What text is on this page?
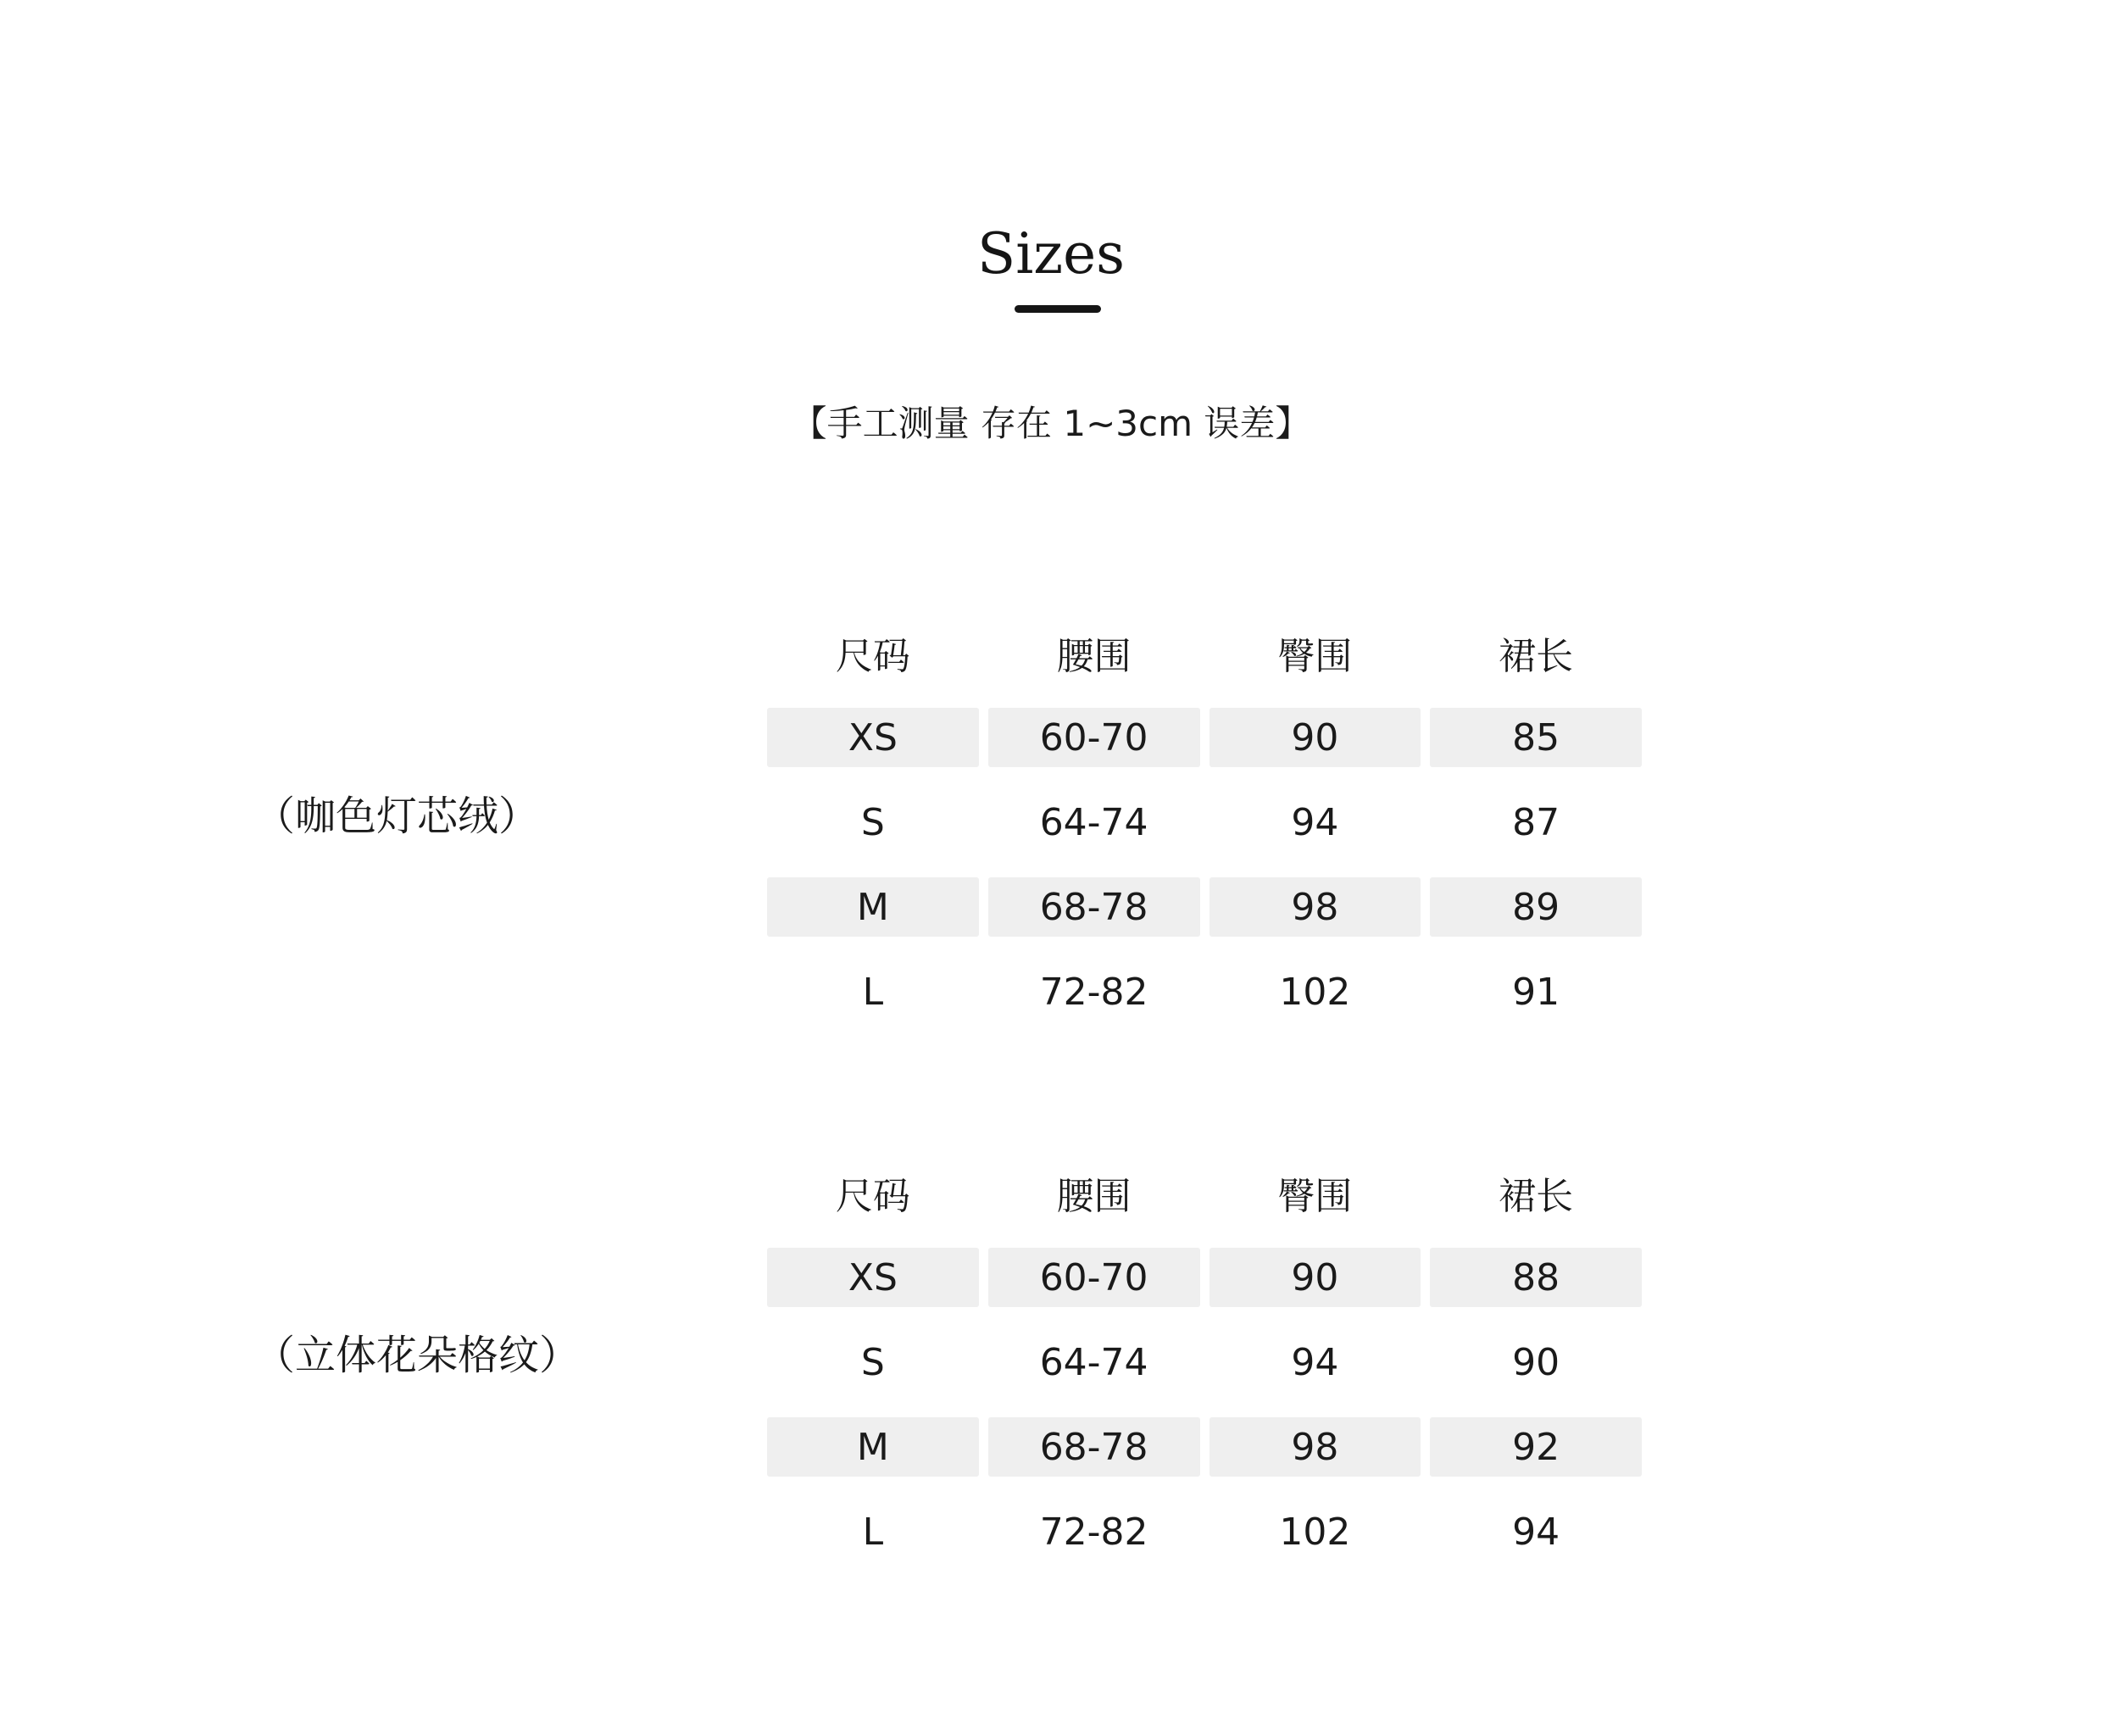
Sizes
【手工测量 存在 1~3cm 误差】
（咖色灯芯绒）
尺码	腰围	臀围	裙长
XS	60-70	90	85
S	64-74	94	87
M	68-78	98	89
L	72-82	102	91
（立体花朵格纹）
尺码	腰围	臀围	裙长
XS	60-70	90	88
S	64-74	94	90
M	68-78	98	92
L	72-82	102	94
